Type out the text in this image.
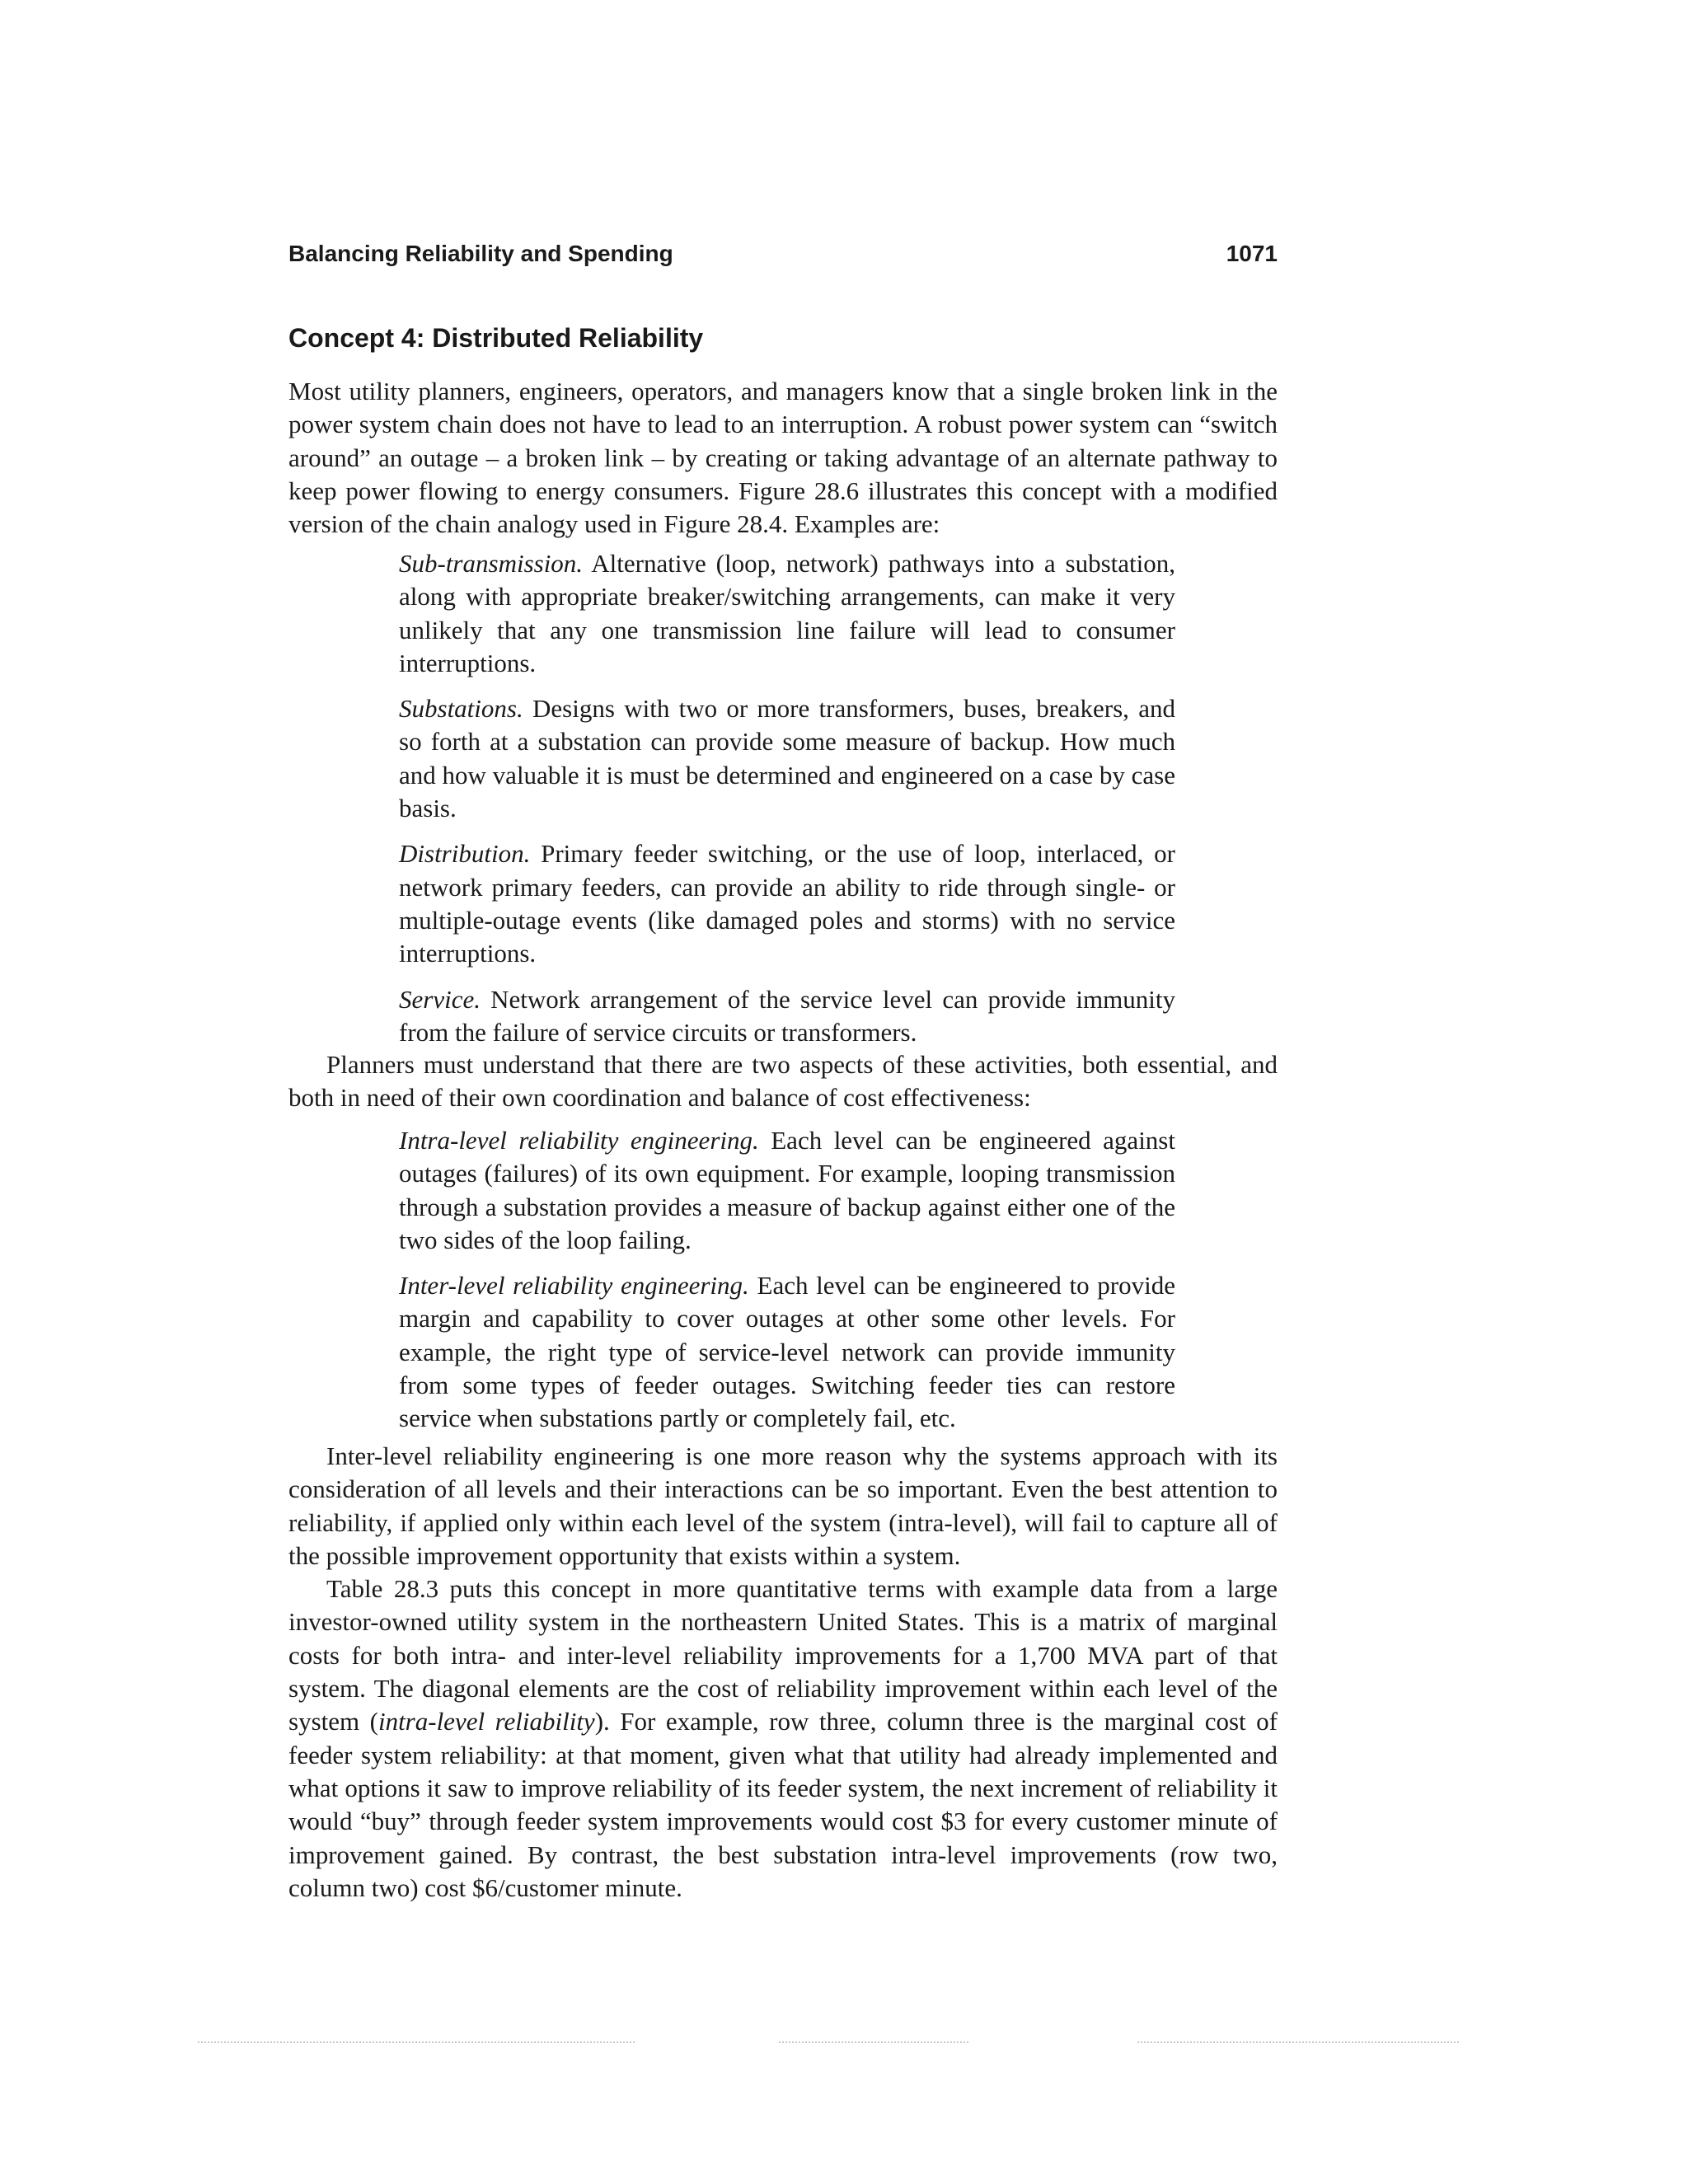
Balancing Reliability and Spending	1071
Concept 4: Distributed Reliability

Most utility planners, engineers, operators, and managers know that a single broken link in the power system chain does not have to lead to an interruption. A robust power system can “switch around” an outage – a broken link – by creating or taking advantage of an alternate pathway to keep power flowing to energy consumers. Figure 28.6 illustrates this concept with a modified version of the chain analogy used in Figure 28.4. Examples are:

Sub-transmission. Alternative (loop, network) pathways into a substation, along with appropriate breaker/switching arrangements, can make it very unlikely that any one transmission line failure will lead to consumer interruptions.

Substations. Designs with two or more transformers, buses, breakers, and so forth at a substation can provide some measure of backup. How much and how valuable it is must be determined and engineered on a case by case basis.

Distribution. Primary feeder switching, or the use of loop, interlaced, or network primary feeders, can provide an ability to ride through single- or multiple-outage events (like damaged poles and storms) with no service interruptions.

Service. Network arrangement of the service level can provide immunity from the failure of service circuits or transformers.

Planners must understand that there are two aspects of these activities, both essential, and both in need of their own coordination and balance of cost effectiveness:

Intra-level reliability engineering. Each level can be engineered against outages (failures) of its own equipment. For example, looping transmission through a substation provides a measure of backup against either one of the two sides of the loop failing.

Inter-level reliability engineering. Each level can be engineered to provide margin and capability to cover outages at other some other levels. For example, the right type of service-level network can provide immunity from some types of feeder outages. Switching feeder ties can restore service when substations partly or completely fail, etc.

Inter-level reliability engineering is one more reason why the systems approach with its consideration of all levels and their interactions can be so important. Even the best attention to reliability, if applied only within each level of the system (intra-level), will fail to capture all of the possible improvement opportunity that exists within a system.

Table 28.3 puts this concept in more quantitative terms with example data from a large investor-owned utility system in the northeastern United States. This is a matrix of marginal costs for both intra- and inter-level reliability improvements for a 1,700 MVA part of that system. The diagonal elements are the cost of reliability improvement within each level of the system (intra-level reliability). For example, row three, column three is the marginal cost of feeder system reliability: at that moment, given what that utility had already implemented and what options it saw to improve reliability of its feeder system, the next increment of reliability it would “buy” through feeder system improvements would cost $3 for every customer minute of improvement gained. By contrast, the best substation intra-level improvements (row two, column two) cost $6/customer minute.
